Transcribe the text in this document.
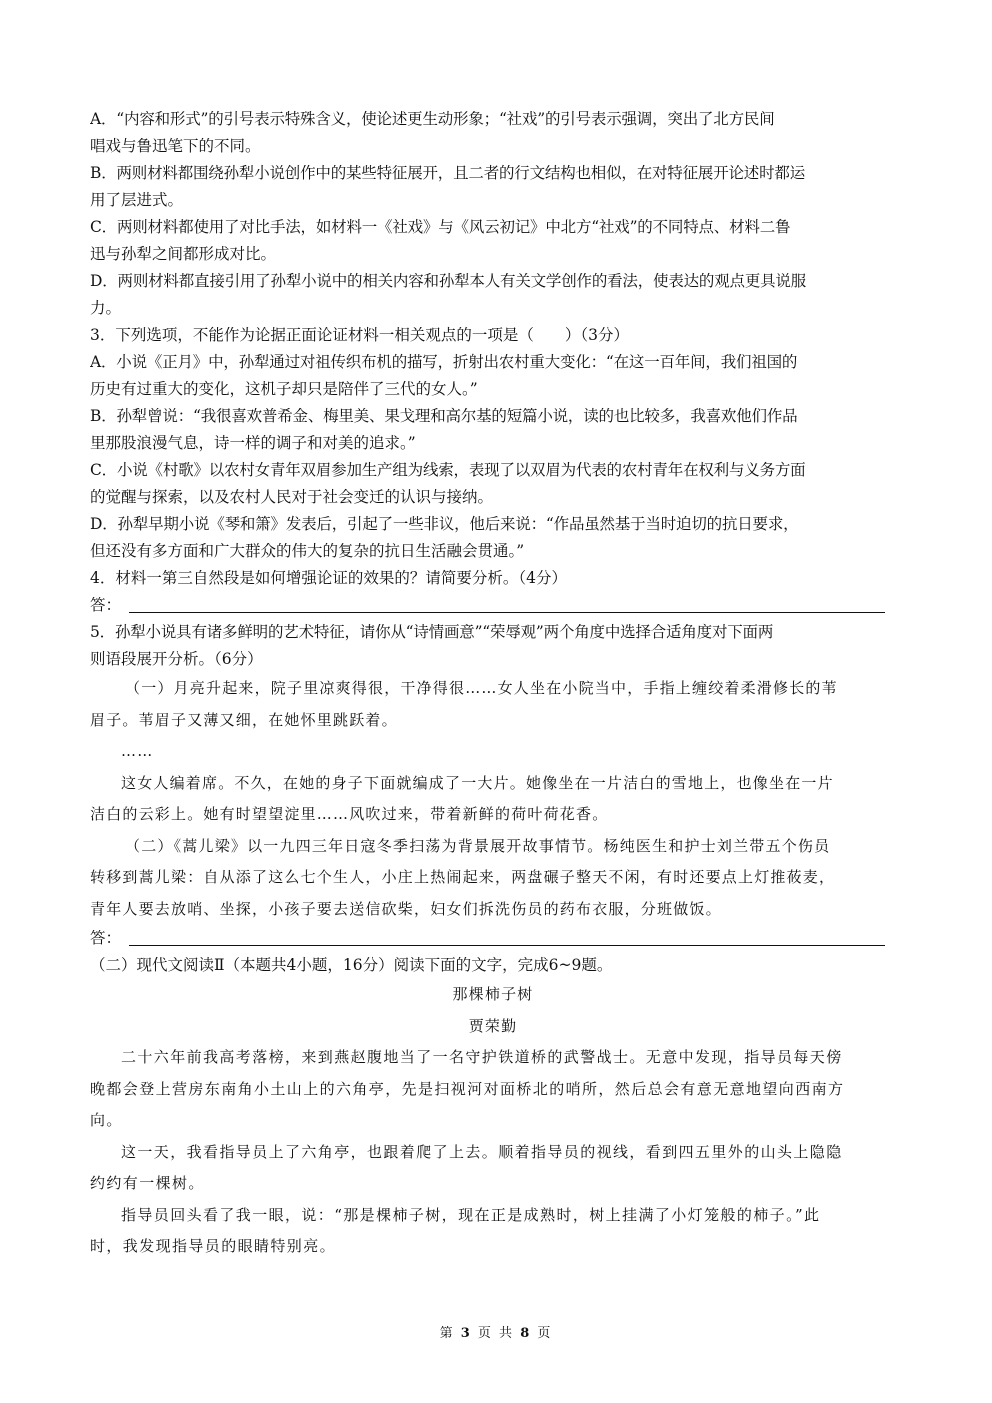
A．“内容和形式”的引号表示特殊含义，使论述更生动形象；“社戏”的引号表示强调，突出了北方民间
唱戏与鲁迅笔下的不同。
B．两则材料都围绕孙犁小说创作中的某些特征展开，且二者的行文结构也相似，在对特征展开论述时都运
用了层进式。
C．两则材料都使用了对比手法，如材料一《社戏》与《风云初记》中北方“社戏”的不同特点、材料二鲁
迅与孙犁之间都形成对比。
D．两则材料都直接引用了孙犁小说中的相关内容和孙犁本人有关文学创作的看法，使表达的观点更具说服
力。
3．下列选项，不能作为论据正面论证材料一相关观点的一项是（　　）（3分）
A．小说《正月》中，孙犁通过对祖传织布机的描写，折射出农村重大变化：“在这一百年间，我们祖国的
历史有过重大的变化，这机子却只是陪伴了三代的女人。”
B．孙犁曾说：“我很喜欢普希金、梅里美、果戈理和高尔基的短篇小说，读的也比较多，我喜欢他们作品
里那股浪漫气息，诗一样的调子和对美的追求。”
C．小说《村歌》以农村女青年双眉参加生产组为线索，表现了以双眉为代表的农村青年在权利与义务方面
的觉醒与探索，以及农村人民对于社会变迁的认识与接纳。
D．孙犁早期小说《琴和箫》发表后，引起了一些非议，他后来说：“作品虽然基于当时迫切的抗日要求，
但还没有多方面和广大群众的伟大的复杂的抗日生活融会贯通。”
4．材料一第三自然段是如何增强论证的效果的？请简要分析。（4分）
答：
5．孙犁小说具有诸多鲜明的艺术特征，请你从“诗情画意”“荣辱观”两个角度中选择合适角度对下面两
则语段展开分析。（6分）
（一）月亮升起来，院子里凉爽得很，干净得很……女人坐在小院当中，手指上缠绞着柔滑修长的苇
眉子。苇眉子又薄又细，在她怀里跳跃着。
……
这女人编着席。不久，在她的身子下面就编成了一大片。她像坐在一片洁白的雪地上，也像坐在一片
洁白的云彩上。她有时望望淀里……风吹过来，带着新鲜的荷叶荷花香。
（二）《蒿儿梁》以一九四三年日寇冬季扫荡为背景展开故事情节。杨纯医生和护士刘兰带五个伤员
转移到蒿儿梁：自从添了这么七个生人，小庄上热闹起来，两盘碾子整天不闲，有时还要点上灯推莜麦，
青年人要去放哨、坐探，小孩子要去送信砍柴，妇女们拆洗伤员的药布衣服，分班做饭。
答：
（二）现代文阅读Ⅱ（本题共4小题，16分）阅读下面的文字，完成6~9题。
那棵柿子树
贾荣勤
二十六年前我高考落榜，来到燕赵腹地当了一名守护铁道桥的武警战士。无意中发现，指导员每天傍
晚都会登上营房东南角小土山上的六角亭，先是扫视河对面桥北的哨所，然后总会有意无意地望向西南方
向。
这一天，我看指导员上了六角亭，也跟着爬了上去。顺着指导员的视线，看到四五里外的山头上隐隐
约约有一棵树。
指导员回头看了我一眼，说：“那是棵柿子树，现在正是成熟时，树上挂满了小灯笼般的柿子。”此
时，我发现指导员的眼睛特别亮。
第 3 页 共 8 页
